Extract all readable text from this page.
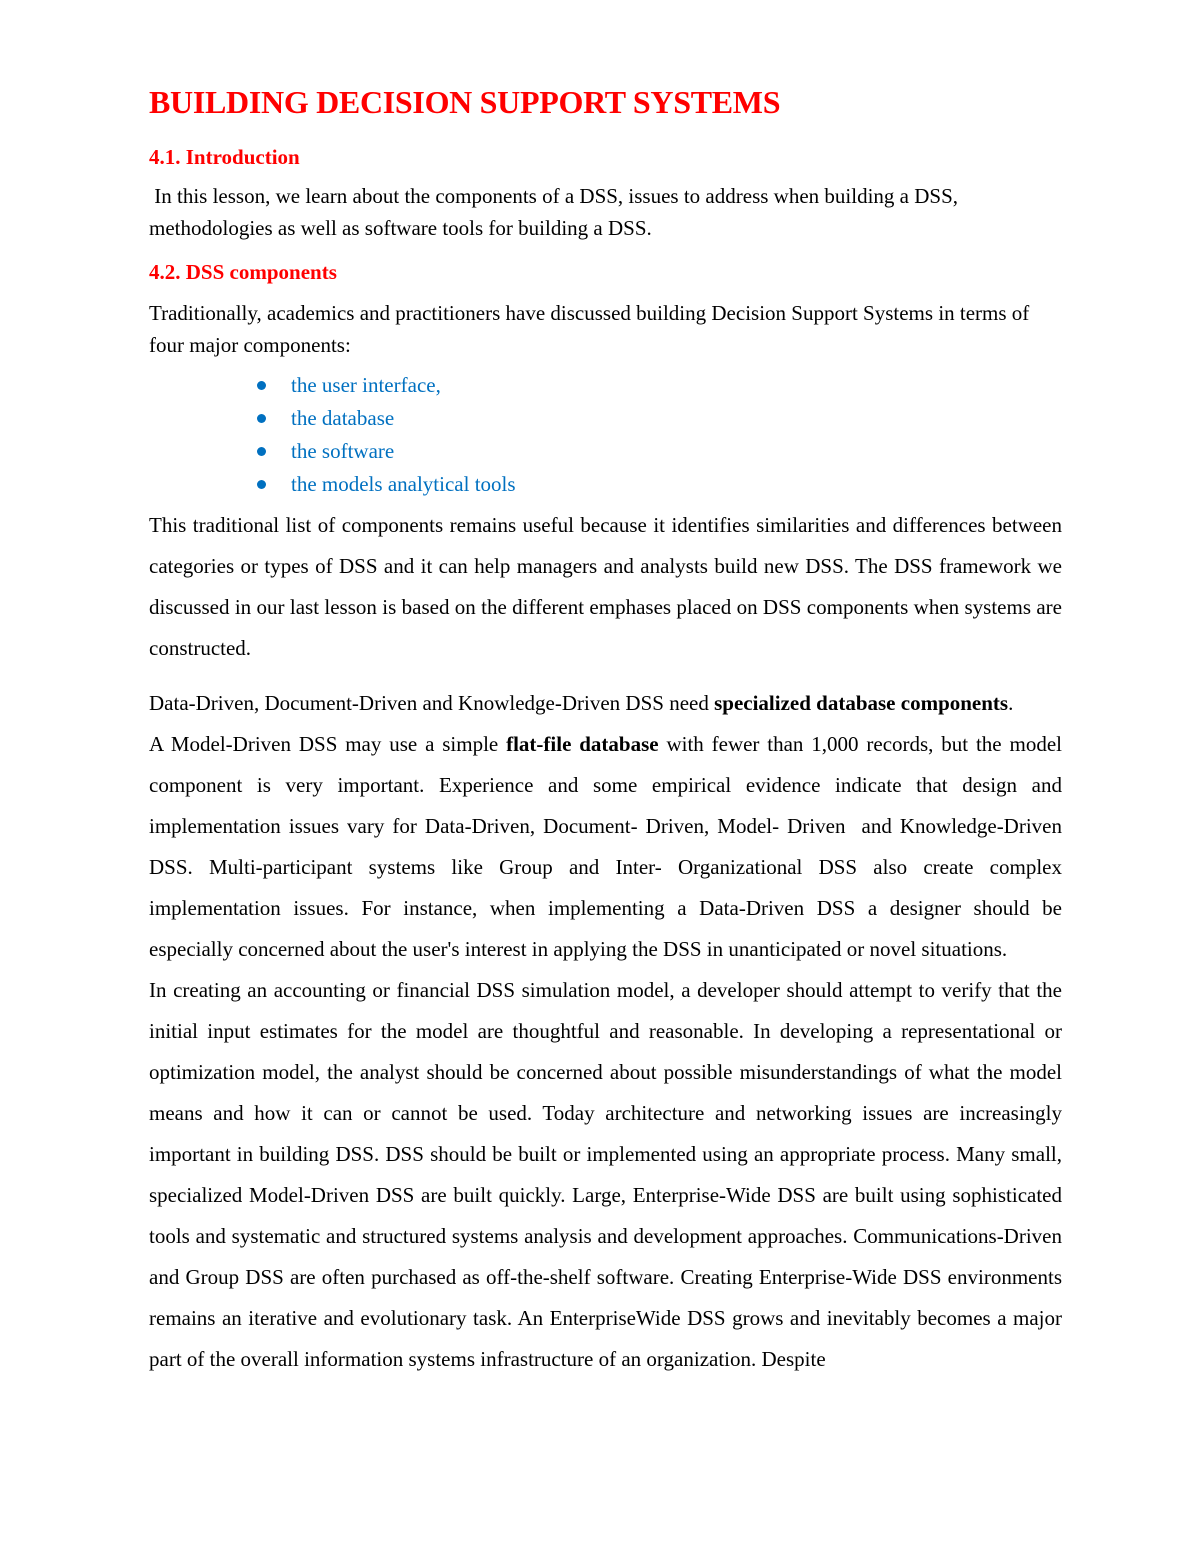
BUILDING DECISION SUPPORT SYSTEMS
4.1. Introduction

In this lesson, we learn about the components of a DSS, issues to address when building a DSS, methodologies as well as software tools for building a DSS.

4.2. DSS components

Traditionally, academics and practitioners have discussed building Decision Support Systems in terms of four major components:

the user interface,
the database
the software
the models analytical tools

This traditional list of components remains useful because it identifies similarities and differences between categories or types of DSS and it can help managers and analysts build new DSS. The DSS framework we discussed in our last lesson is based on the different emphases placed on DSS components when systems are constructed.

Data-Driven, Document-Driven and Knowledge-Driven DSS need specialized database components.

A Model-Driven DSS may use a simple flat-file database with fewer than 1,000 records, but the model component is very important. Experience and some empirical evidence indicate that design and implementation issues vary for Data-Driven, Document- Driven, Model- Driven  and Knowledge-Driven DSS. Multi-participant systems like Group and Inter- Organizational DSS also create complex implementation issues. For instance, when implementing a Data-Driven DSS a designer should be especially concerned about the user's interest in applying the DSS in unanticipated or novel situations.

In creating an accounting or financial DSS simulation model, a developer should attempt to verify that the initial input estimates for the model are thoughtful and reasonable. In developing a representational or optimization model, the analyst should be concerned about possible misunderstandings of what the model means and how it can or cannot be used. Today architecture and networking issues are increasingly important in building DSS. DSS should be built or implemented using an appropriate process. Many small, specialized Model-Driven DSS are built quickly. Large, Enterprise-Wide DSS are built using sophisticated tools and systematic and structured systems analysis and development approaches. Communications-Driven and Group DSS are often purchased as off-the-shelf software. Creating Enterprise-Wide DSS environments remains an iterative and evolutionary task. An EnterpriseWide DSS grows and inevitably becomes a major part of the overall information systems infrastructure of an organization. Despite
